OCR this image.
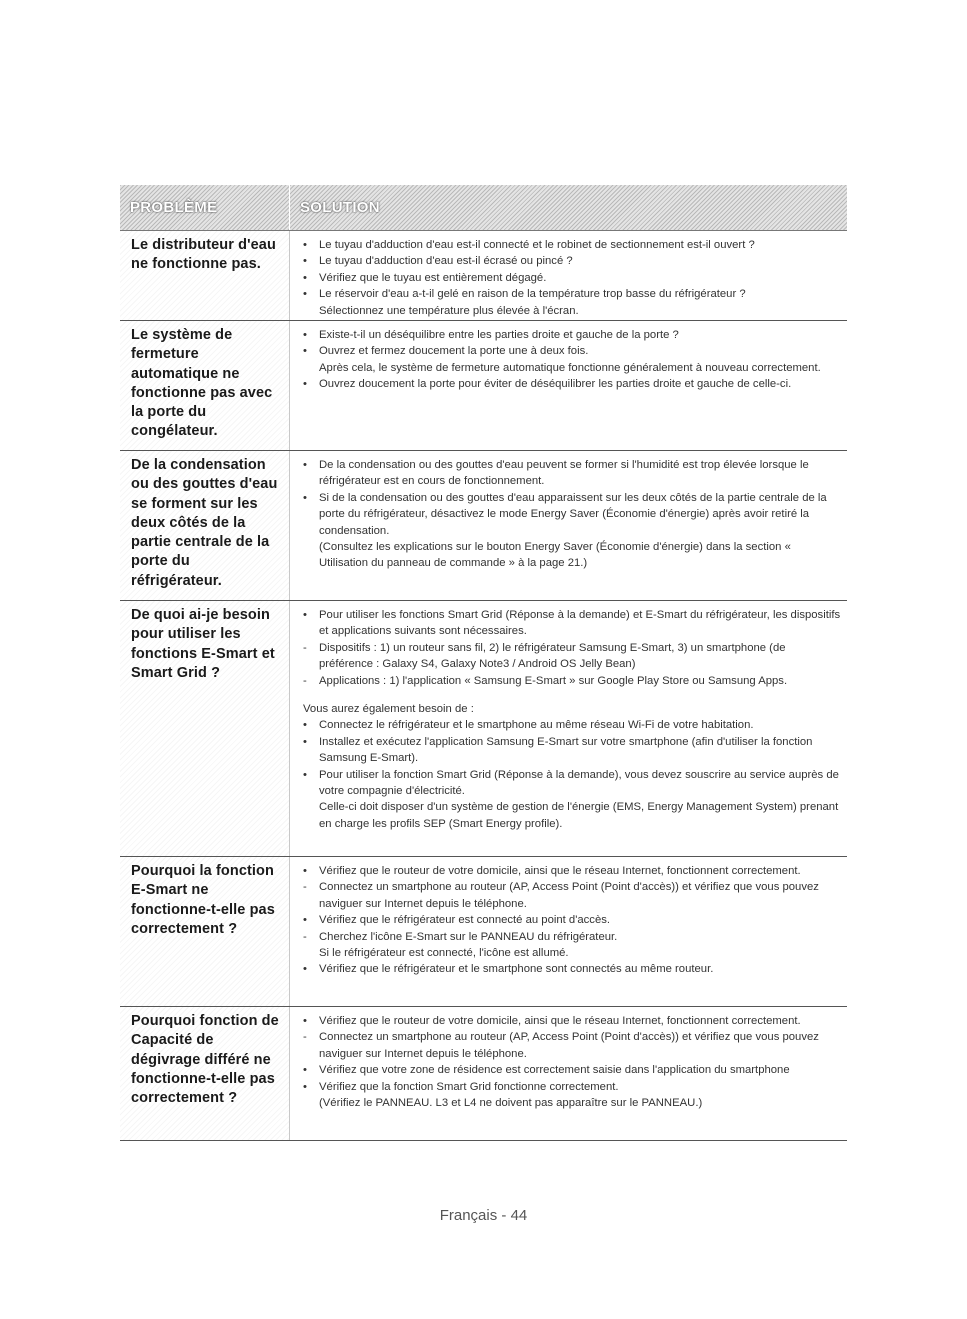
PROBLÈME	SOLUTION
Le distributeur d'eau ne fonctionne pas.
•	Le tuyau d'adduction d'eau est-il connecté et le robinet de sectionnement est-il ouvert ?
•	Le tuyau d'adduction d'eau est-il écrasé ou pincé ?
•	Vérifiez que le tuyau est entièrement dégagé.
•	Le réservoir d'eau a-t-il gelé en raison de la température trop basse du réfrigérateur ?
Sélectionnez une température plus élevée à l'écran.
Le système de fermeture automatique ne fonctionne pas avec la porte du congélateur.
•	Existe-t-il un déséquilibre entre les parties droite et gauche de la porte ?
•	Ouvrez et fermez doucement la porte une à deux fois.
Après cela, le système de fermeture automatique fonctionne généralement à nouveau correctement.
•	Ouvrez doucement la porte pour éviter de déséquilibrer les parties droite et gauche de celle-ci.
De la condensation ou des gouttes d'eau se forment sur les deux côtés de la partie centrale de la porte du réfrigérateur.
•	De la condensation ou des gouttes d'eau peuvent se former si l'humidité est trop élevée lorsque le réfrigérateur est en cours de fonctionnement.
•	Si de la condensation ou des gouttes d'eau apparaissent sur les deux côtés de la partie centrale de la porte du réfrigérateur, désactivez le mode Energy Saver (Économie d'énergie) après avoir retiré la condensation.
(Consultez les explications sur le bouton Energy Saver (Économie d'énergie) dans la section « Utilisation du panneau de commande » à la page 21.)
De quoi ai-je besoin pour utiliser les fonctions E-Smart et Smart Grid ?
•	Pour utiliser les fonctions Smart Grid (Réponse à la demande) et E-Smart du réfrigérateur, les dispositifs et applications suivants sont nécessaires.
-	Dispositifs : 1) un routeur sans fil, 2) le réfrigérateur Samsung E-Smart, 3) un smartphone (de préférence : Galaxy S4, Galaxy Note3 / Android OS Jelly Bean)
-	Applications : 1) l'application « Samsung E-Smart » sur Google Play Store ou Samsung Apps.
Vous aurez également besoin de :
•	Connectez le réfrigérateur et le smartphone au même réseau Wi-Fi de votre habitation.
•	Installez et exécutez l'application Samsung E-Smart sur votre smartphone (afin d'utiliser la fonction Samsung E-Smart).
•	Pour utiliser la fonction Smart Grid (Réponse à la demande), vous devez souscrire au service auprès de votre compagnie d'électricité.
Celle-ci doit disposer d'un système de gestion de l'énergie (EMS, Energy Management System) prenant en charge les profils SEP (Smart Energy profile).
Pourquoi la fonction E-Smart ne fonctionne-t-elle pas correctement ?
•	Vérifiez que le routeur de votre domicile, ainsi que le réseau Internet, fonctionnent correctement.
-	Connectez un smartphone au routeur (AP, Access Point (Point d'accès)) et vérifiez que vous pouvez naviguer sur Internet depuis le téléphone.
•	Vérifiez que le réfrigérateur est connecté au point d'accès.
-	Cherchez l'icône E-Smart sur le PANNEAU du réfrigérateur.
Si le réfrigérateur est connecté, l'icône est allumé.
•	Vérifiez que le réfrigérateur et le smartphone sont connectés au même routeur.
Pourquoi fonction de Capacité de dégivrage différé ne fonctionne-t-elle pas correctement ?
•	Vérifiez que le routeur de votre domicile, ainsi que le réseau Internet, fonctionnent correctement.
-	Connectez un smartphone au routeur (AP, Access Point (Point d'accès)) et vérifiez que vous pouvez naviguer sur Internet depuis le téléphone.
•	Vérifiez que votre zone de résidence est correctement saisie dans l'application du smartphone
•	Vérifiez que la fonction Smart Grid fonctionne correctement.
(Vérifiez le PANNEAU. L3 et L4 ne doivent pas apparaître sur le PANNEAU.)
Français - 44
